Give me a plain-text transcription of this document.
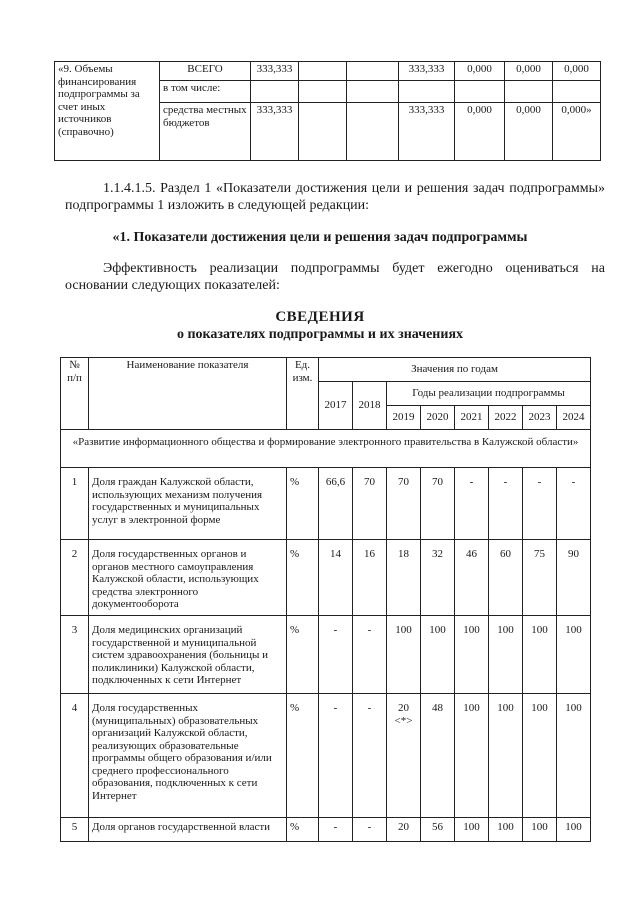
«9. Объемы финансирования подпрограммы за счет иных источников (справочно)	ВСЕГО	333,333			333,333	0,000	0,000	0,000
	в том числе:							
	средства местных бюджетов	333,333			333,333	0,000	0,000	0,000»
1.1.4.1.5. Раздел 1 «Показатели достижения цели и решения задач подпрограммы» подпрограммы 1 изложить в следующей редакции:
«1. Показатели достижения цели и решения задач подпрограммы
Эффективность реализации подпрограммы будет ежегодно оцениваться на основании следующих показателей:
СВЕДЕНИЯ
о показателях подпрограммы и их значениях
№ п/п	Наименование показателя	Ед. изм.	Значения по годам							
			2017	2018	Годы реализации подпрограммы					
					2019	2020	2021	2022	2023	2024
«Развитие информационного общества и формирование электронного правительства в Калужской области»										
1	Доля граждан Калужской области, использующих механизм получения государственных и муниципальных услуг в электронной форме	%	66,6	70	70	70	-	-	-	-
2	Доля государственных органов и органов местного самоуправления Калужской области, использующих средства электронного документооборота	%	14	16	18	32	46	60	75	90
3	Доля медицинских организаций государственной и муниципальной систем здравоохранения (больницы и поликлиники) Калужской области, подключенных к сети Интернет	%	-	-	100	100	100	100	100	100
4	Доля государственных (муниципальных) образовательных организаций Калужской области, реализующих образовательные программы общего образования и/или среднего профессионального образования, подключенных к сети Интернет	%	-	-	20 <*>	48	100	100	100	100
5	Доля органов государственной власти	%	-	-	20	56	100	100	100	100
